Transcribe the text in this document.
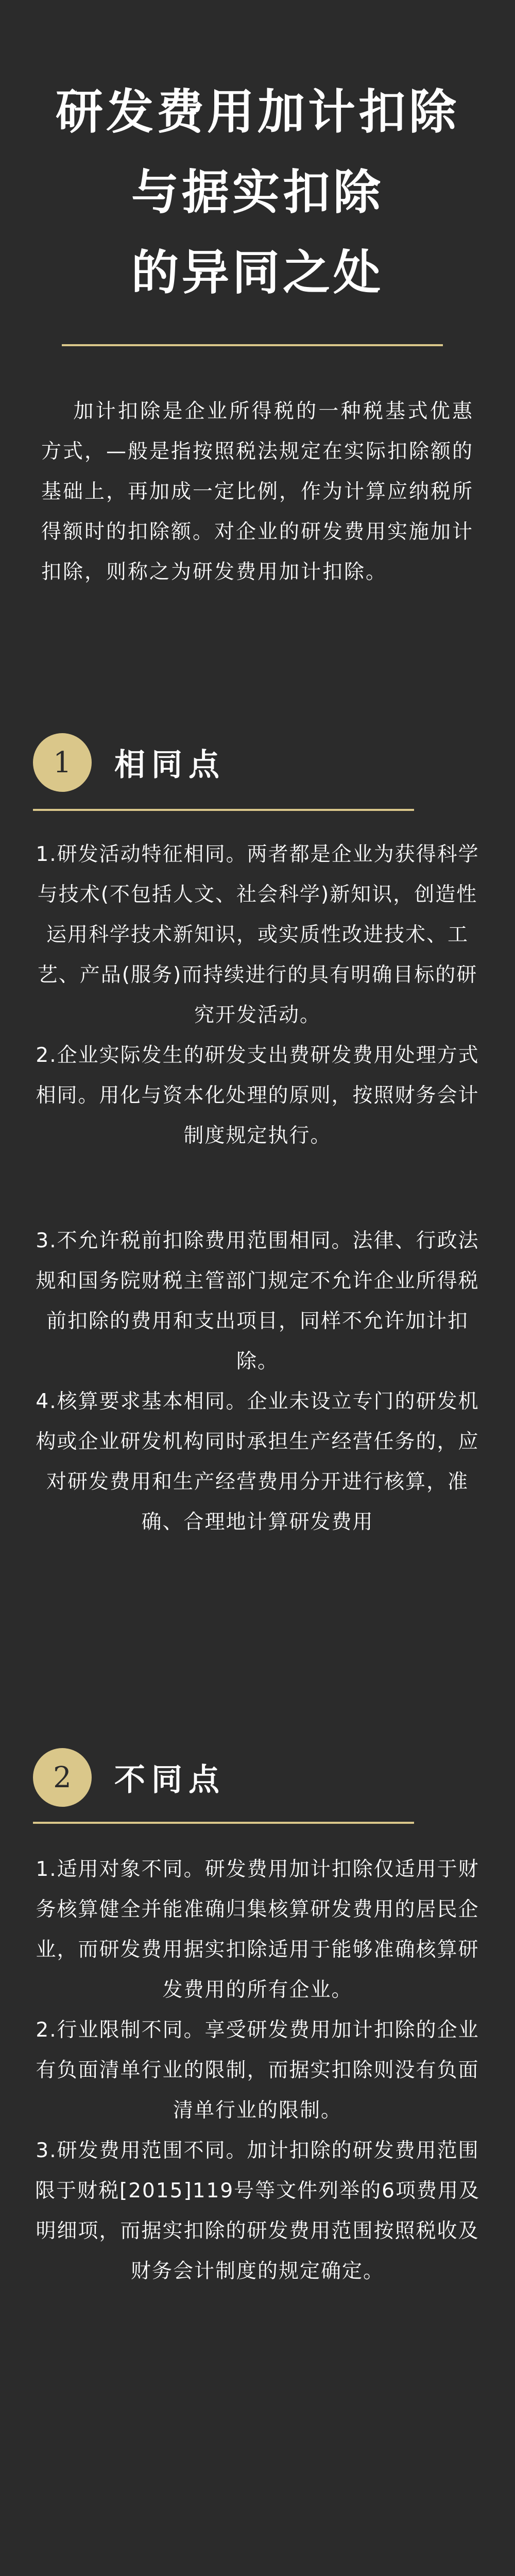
研发费用加计扣除
与据实扣除
的异同之处

加计扣除是企业所得税的一种税基式优惠方式，—般是指按照税法规定在实际扣除额的基础上，再加成一定比例，作为计算应纳税所得额时的扣除额。对企业的研发费用实施加计扣除，则称之为研发费用加计扣除。

1	相同点

1.研发活动特征相同。两者都是企业为获得科学与技术(不包括人文、社会科学)新知识，创造性运用科学技术新知识，或实质性改进技术、工艺、产品(服务)而持续进行的具有明确目标的研究开发活动。

2.企业实际发生的研发支出费研发费用处理方式相同。用化与资本化处理的原则，按照财务会计制度规定执行。

3.不允许税前扣除费用范围相同。法律、行政法规和国务院财税主管部门规定不允许企业所得税前扣除的费用和支出项目，同样不允许加计扣除。

4.核算要求基本相同。企业未设立专门的研发机构或企业研发机构同时承担生产经营任务的，应对研发费用和生产经营费用分开进行核算，准确、合理地计算研发费用

2	不同点

1.适用对象不同。研发费用加计扣除仅适用于财务核算健全并能准确归集核算研发费用的居民企业，而研发费用据实扣除适用于能够准确核算研发费用的所有企业。

2.行业限制不同。享受研发费用加计扣除的企业有负面清单行业的限制，而据实扣除则没有负面清单行业的限制。

3.研发费用范围不同。加计扣除的研发费用范围限于财税[2015]119号等文件列举的6项费用及明细项，而据实扣除的研发费用范围按照税收及财务会计制度的规定确定。
